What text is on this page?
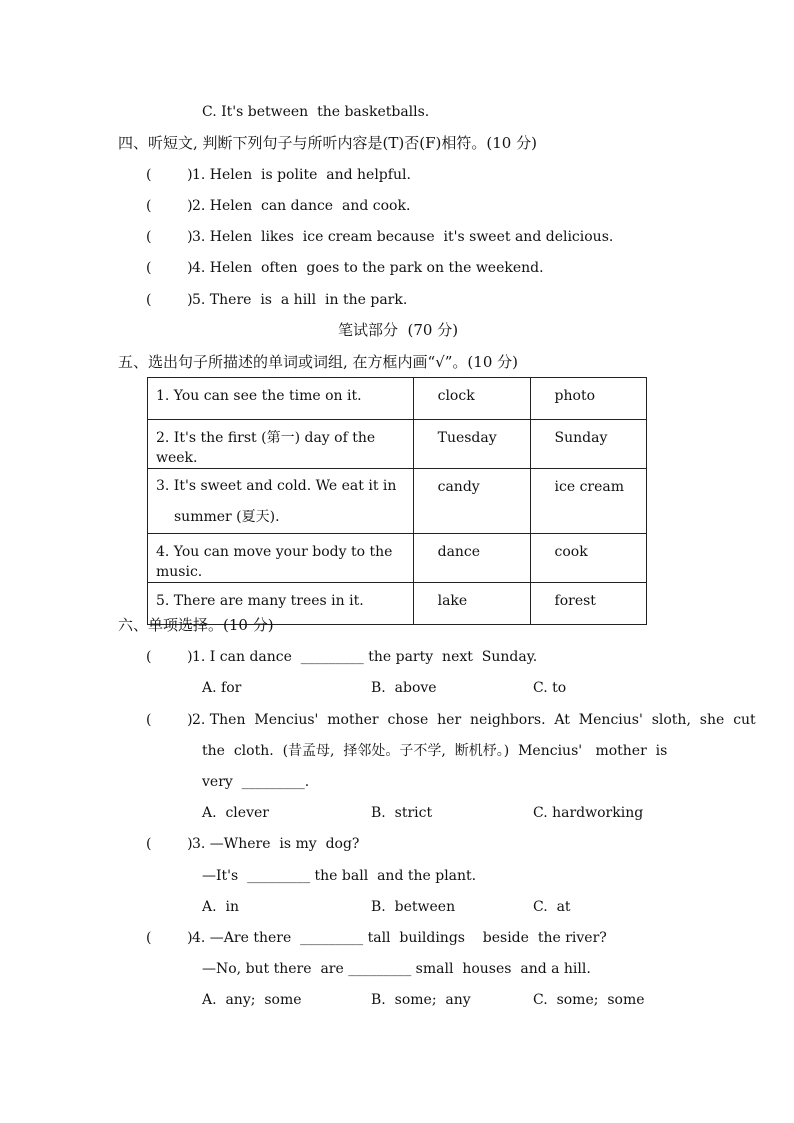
C. It's between  the basketballs.
四、听短文, 判断下列句子与所听内容是(T)否(F)相符。(10 分)
(        ) 1. Helen  is polite  and helpful.
(        ) 2. Helen  can dance  and cook.
(        ) 3. Helen  likes  ice cream because  it's sweet and delicious.
(        ) 4. Helen  often  goes to the park on the weekend.
(        ) 5. There  is  a hill  in the park.
笔试部分  (70 分)
五、选出句子所描述的单词或词组, 在方框内画“√”。(10 分)
1. You can see the time on it.	clock	photo
2. It's the first (第一) day of the week.	Tuesday	Sunday

3. It's sweet and cold. We eat it in
summer (夏天).	candy	ice cream
4. You can move your body to the music.	dance	cook
5. There are many trees in it.	lake	forest
六、单项选择。(10 分)
(        ) 1. I can dance  _________ the party  next  Sunday.
A. for	B.  above	C. to
(        ) 2. Then  Mencius'  mother  chose  her  neighbors.  At  Mencius'  sloth,  she  cut
the  cloth.  (昔孟母,  择邻处。子不学,  断机杼。)  Mencius'   mother  is
very  _________.
A.  clever	B.  strict	C. hardworking
(        ) 3. —Where  is my  dog?
—It's  _________ the ball  and the plant.
A.  in	B.  between	C.  at
(        ) 4. —Are there  _________ tall  buildings    beside  the river?
—No, but there  are _________ small  houses  and a hill.
A.  any;  some	B.  some;  any	C.  some;  some
